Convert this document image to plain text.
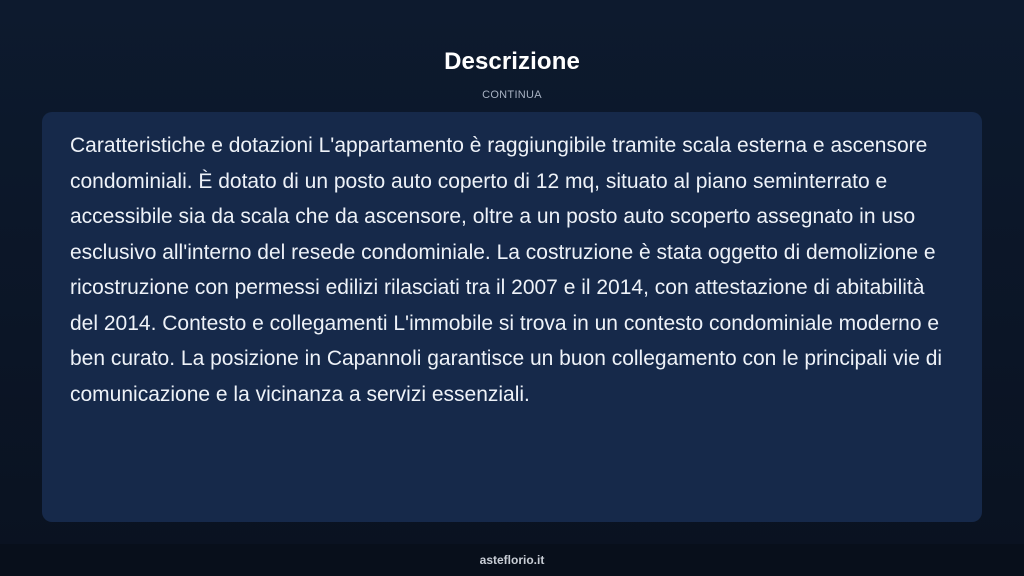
Descrizione
CONTINUA

Caratteristiche e dotazioni L'appartamento è raggiungibile tramite scala esterna e ascensore condominiali. È dotato di un posto auto coperto di 12 mq, situato al piano seminterrato e accessibile sia da scala che da ascensore, oltre a un posto auto scoperto assegnato in uso esclusivo all'interno del resede condominiale. La costruzione è stata oggetto di demolizione e ricostruzione con permessi edilizi rilasciati tra il 2007 e il 2014, con attestazione di abitabilità del 2014. Contesto e collegamenti L'immobile si trova in un contesto condominiale moderno e ben curato. La posizione in Capannoli garantisce un buon collegamento con le principali vie di comunicazione e la vicinanza a servizi essenziali.

asteflorio.it
